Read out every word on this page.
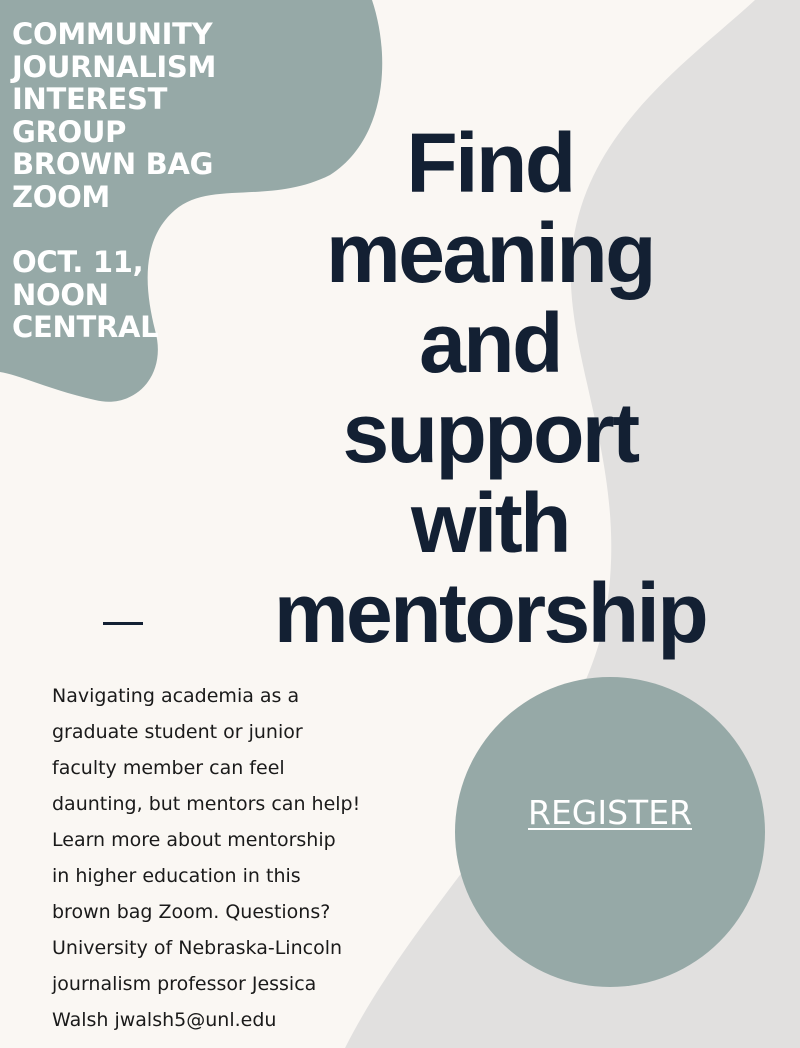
COMMUNITY
JOURNALISM
INTEREST
GROUP
BROWN BAG
ZOOM

OCT. 11,
NOON
CENTRAL

Find
meaning
and
support
with
mentorship

Navigating academia as a
graduate student or junior
faculty member can feel
daunting, but mentors can help!
Learn more about mentorship
in higher education in this
brown bag Zoom. Questions?
University of Nebraska-Lincoln
journalism professor Jessica
Walsh jwalsh5@unl.edu

REGISTER
